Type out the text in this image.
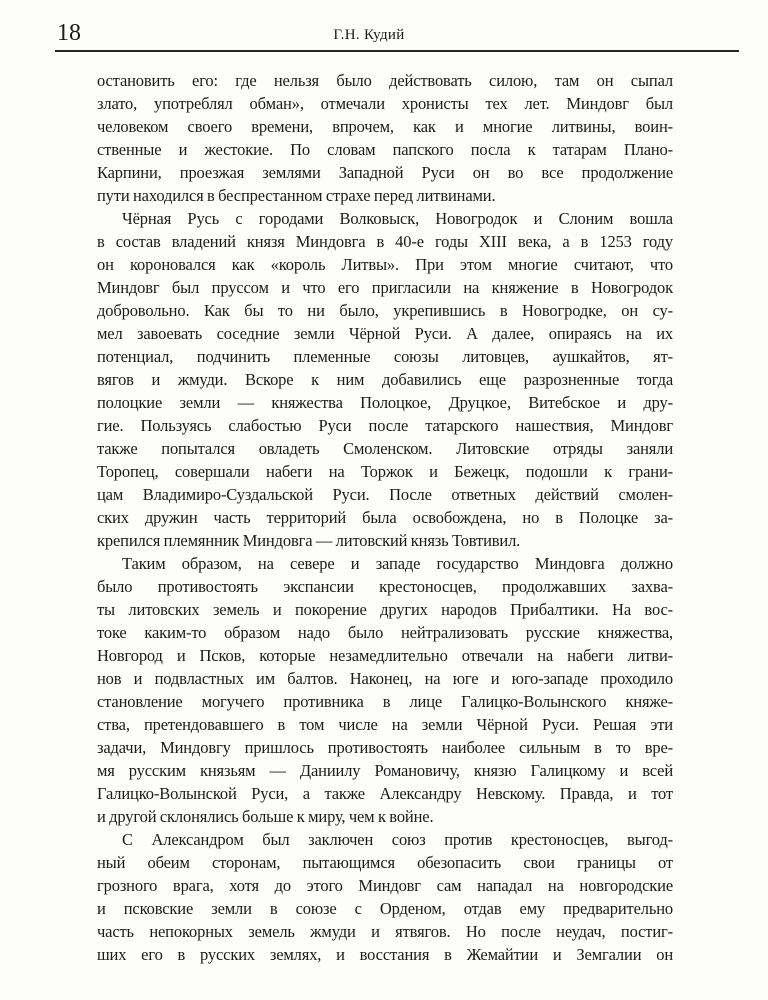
18	Г.Н. Кудий
остановить его: где нельзя было действовать силою, там он сыпал
злато, употреблял обман», отмечали хронисты тех лет. Миндовг был
человеком своего времени, впрочем, как и многие литвины, воин-
ственные и жестокие. По словам папского посла к татарам Плано-
Карпини, проезжая землями Западной Руси он во все продолжение
пути находился в беспрестанном страхе перед литвинами.
Чёрная Русь с городами Волковыск, Новогродок и Слоним вошла
в состав владений князя Миндовга в 40-е годы XIII века, а в 1253 году
он короновался как «король Литвы». При этом многие считают, что
Миндовг был пруссом и что его пригласили на княжение в Новогродок
добровольно. Как бы то ни было, укрепившись в Новогродке, он су-
мел завоевать соседние земли Чёрной Руси. А далее, опираясь на их
потенциал, подчинить племенные союзы литовцев, аушкайтов, ят-
вягов и жмуди. Вскоре к ним добавились еще разрозненные тогда
полоцкие земли — княжества Полоцкое, Друцкое, Витебское и дру-
гие. Пользуясь слабостью Руси после татарского нашествия, Миндовг
также попытался овладеть Смоленском. Литовские отряды заняли
Торопец, совершали набеги на Торжок и Бежецк, подошли к грани-
цам Владимиро-Суздальской Руси. После ответных действий смолен-
ских дружин часть территорий была освобождена, но в Полоцке за-
крепился племянник Миндовга — литовский князь Товтивил.
Таким образом, на севере и западе государство Миндовга должно
было противостоять экспансии крестоносцев, продолжавших захва-
ты литовских земель и покорение других народов Прибалтики. На вос-
токе каким-то образом надо было нейтрализовать русские княжества,
Новгород и Псков, которые незамедлительно отвечали на набеги литви-
нов и подвластных им балтов. Наконец, на юге и юго-западе проходило
становление могучего противника в лице Галицко-Волынского княже-
ства, претендовавшего в том числе на земли Чёрной Руси. Решая эти
задачи, Миндовгу пришлось противостоять наиболее сильным в то вре-
мя русским князьям — Даниилу Романовичу, князю Галицкому и всей
Галицко-Волынской Руси, а также Александру Невскому. Правда, и тот
и другой склонялись больше к миру, чем к войне.
С Александром был заключен союз против крестоносцев, выгод-
ный обеим сторонам, пытающимся обезопасить свои границы от
грозного врага, хотя до этого Миндовг сам нападал на новгородские
и псковские земли в союзе с Орденом, отдав ему предварительно
часть непокорных земель жмуди и ятвягов. Но после неудач, постиг-
ших его в русских землях, и восстания в Жемайтии и Земгалии он
